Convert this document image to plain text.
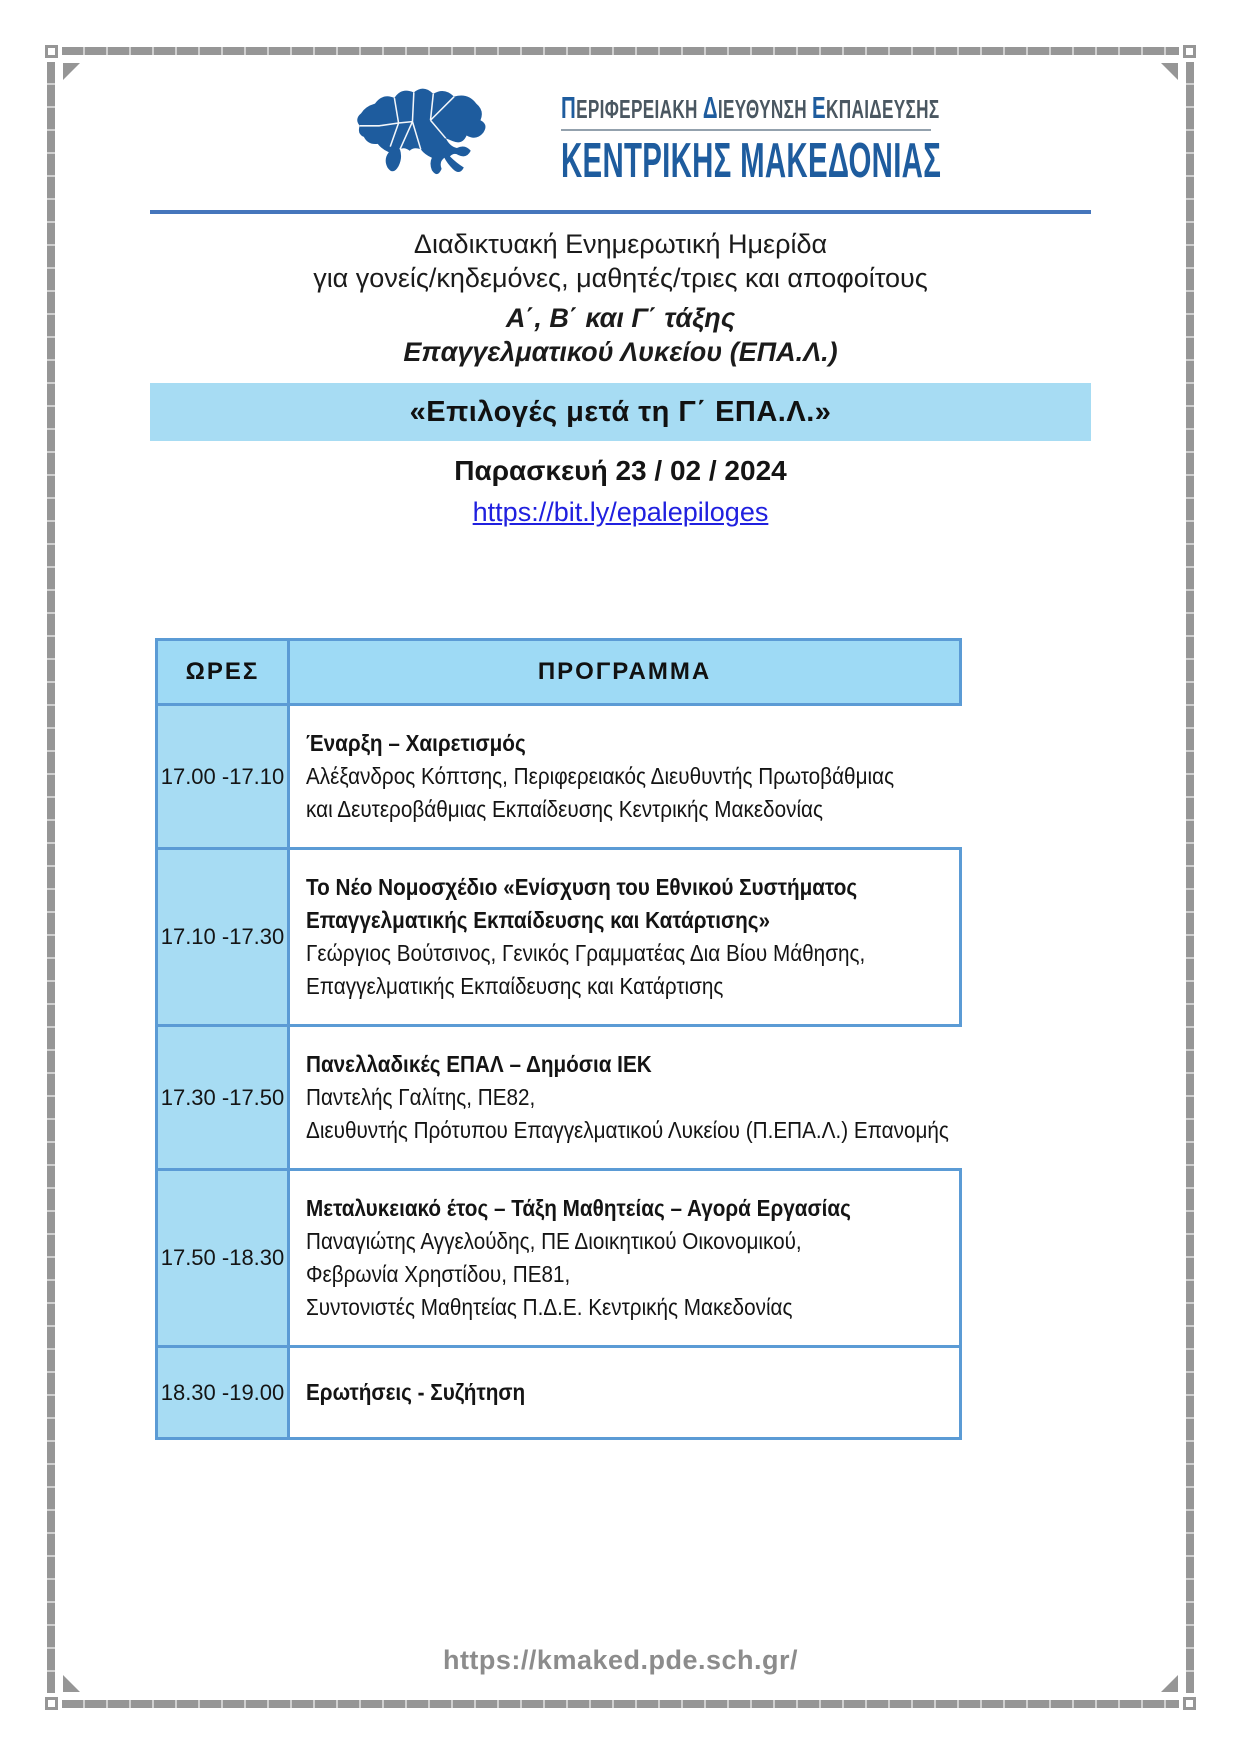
ΠΕΡΙΦΕΡΕΙΑΚΗ ΔΙΕΥΘΥΝΣΗ ΕΚΠΑΙΔΕΥΣΗΣ
ΚΕΝΤΡΙΚΗΣ ΜΑΚΕΔΟΝΙΑΣ
Διαδικτυακή Ενημερωτική Ημερίδα
για γονείς/κηδεμόνες, μαθητές/τριες και αποφοίτους
Α΄, Β΄ και Γ΄ τάξης
Επαγγελματικού Λυκείου (ΕΠΑ.Λ.)
«Επιλογές μετά τη Γ΄ ΕΠΑ.Λ.»
Παρασκευή 23 / 02 / 2024
https://bit.ly/epalepiloges
ΩΡΕΣ	ΠΡΟΓΡΑΜΜΑ
17.00 -17.10
Έναρξη – Χαιρετισμός
Αλέξανδρος Κόπτσης, Περιφερειακός Διευθυντής Πρωτοβάθμιας
και Δευτεροβάθμιας Εκπαίδευσης Κεντρικής Μακεδονίας
17.10 -17.30
Το Νέο Νομοσχέδιο «Ενίσχυση του Εθνικού Συστήματος
Επαγγελματικής Εκπαίδευσης και Κατάρτισης»
Γεώργιος Βούτσινος, Γενικός Γραμματέας Δια Βίου Μάθησης,
Επαγγελματικής Εκπαίδευσης και Κατάρτισης
17.30 -17.50
Πανελλαδικές ΕΠΑΛ – Δημόσια ΙΕΚ
Παντελής Γαλίτης, ΠΕ82,
Διευθυντής Πρότυπου Επαγγελματικού Λυκείου (Π.ΕΠΑ.Λ.) Επανομής
17.50 -18.30
Μεταλυκειακό έτος – Τάξη Μαθητείας – Αγορά Εργασίας
Παναγιώτης Αγγελούδης, ΠΕ Διοικητικού Οικονομικού,
Φεβρωνία Χρηστίδου, ΠΕ81,
Συντονιστές Μαθητείας Π.Δ.Ε. Κεντρικής Μακεδονίας
18.30 -19.00 Ερωτήσεις - Συζήτηση
https://kmaked.pde.sch.gr/
